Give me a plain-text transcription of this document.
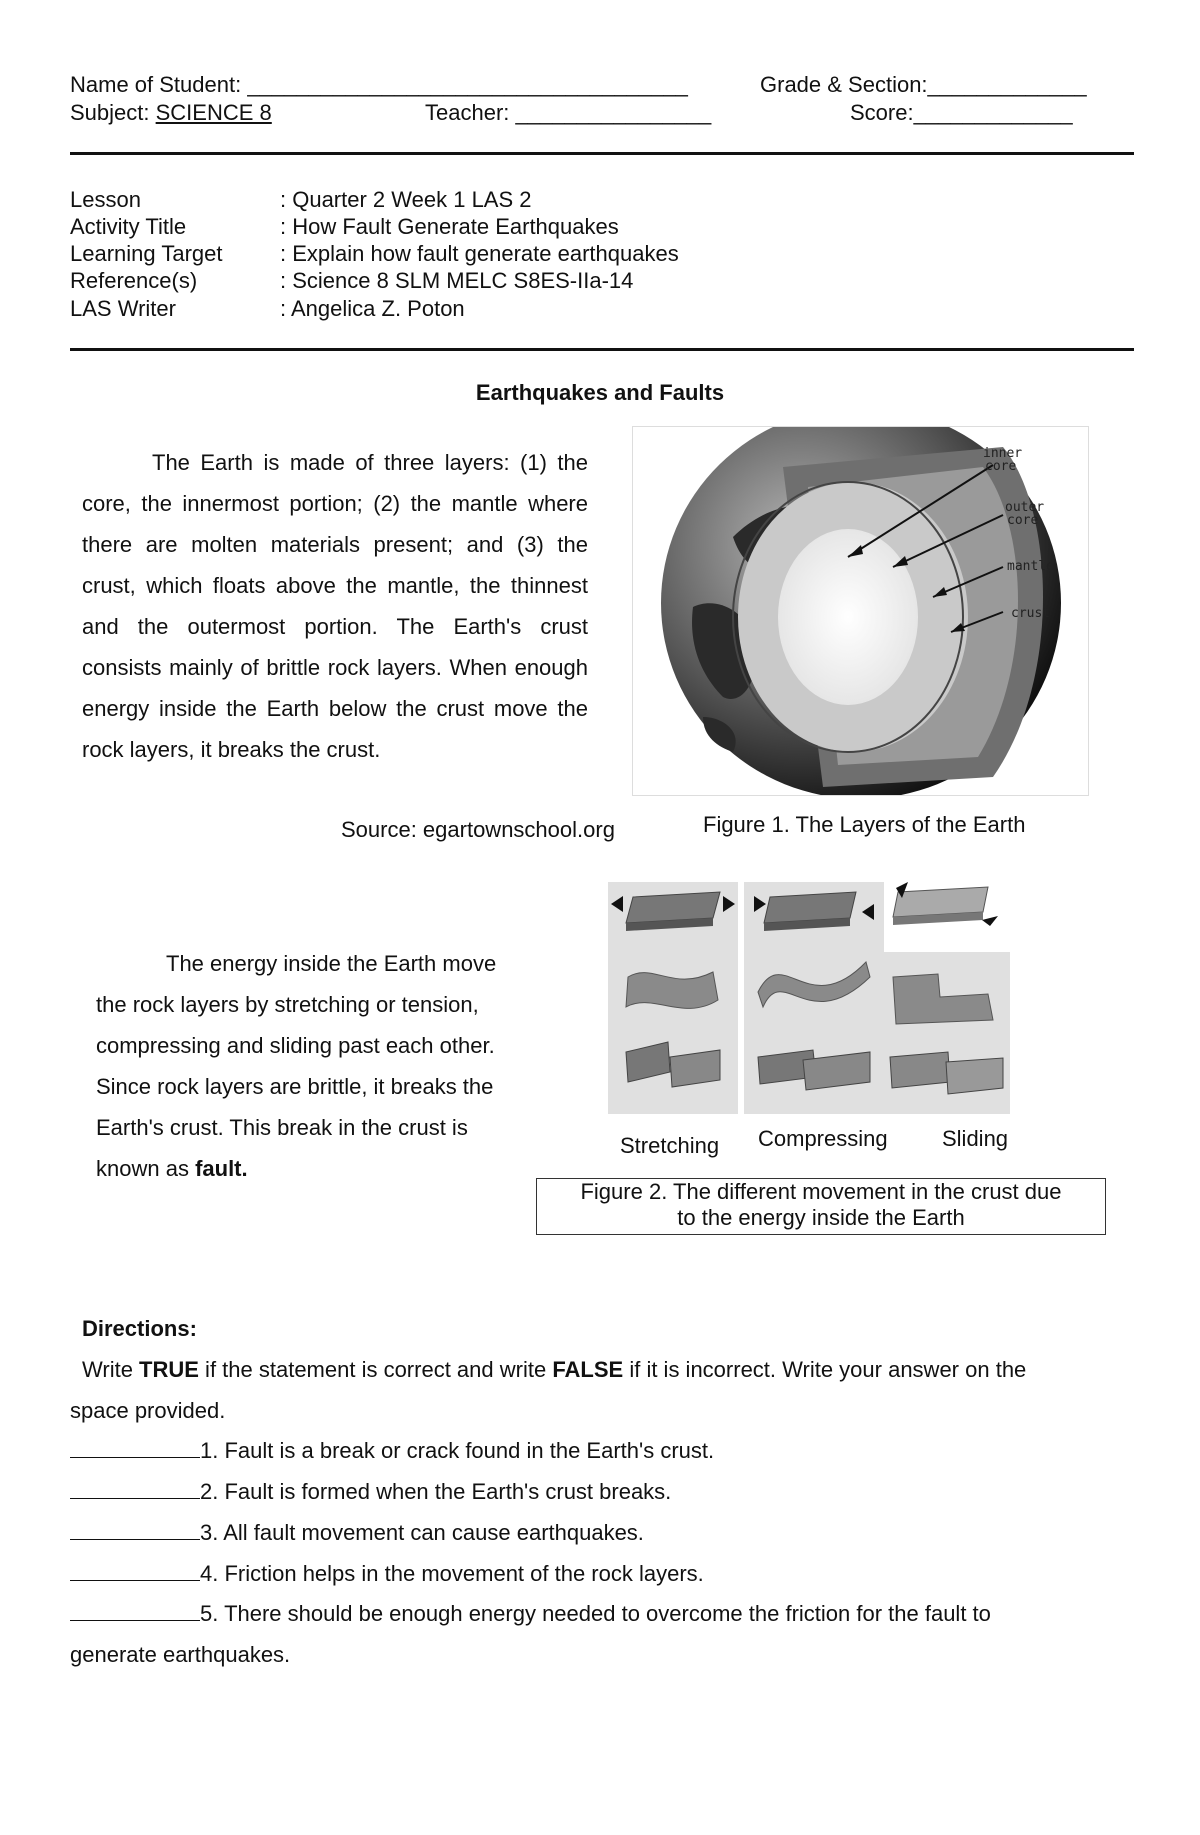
Name of Student: ____________________________________	Grade & Section:_____________
Subject: SCIENCE 8	Teacher: ________________	Score:_____________
Lesson	: Quarter 2 Week 1 LAS 2
Activity Title	: How Fault Generate Earthquakes
Learning Target	: Explain how fault generate earthquakes
Reference(s)	: Science 8 SLM MELC S8ES-IIa-14
LAS Writer	: Angelica Z. Poton
Earthquakes and Faults
The Earth is made of three layers: (1) the core, the innermost portion; (2) the mantle where there are molten materials present; and (3) the crust, which floats above the mantle, the thinnest and the outermost portion. The Earth's crust consists mainly of brittle rock layers. When enough energy inside the Earth below the crust move the rock layers, it breaks the crust.
inner
core
outer
core
mantle
crust
Source: egartownschool.org	Figure 1. The Layers of the Earth
The energy inside the Earth move the rock layers by stretching or tension, compressing and sliding past each other. Since rock layers are brittle, it breaks the Earth's crust. This break in the crust is known as fault.
Stretching Compressing Sliding
Figure 2. The different movement in the crust due
to the energy inside the Earth
Directions:
Write TRUE if the statement is correct and write FALSE if it is incorrect. Write your answer on the
space provided.
1. Fault is a break or crack found in the Earth's crust.
2. Fault is formed when the Earth's crust breaks.
3. All fault movement can cause earthquakes.
4. Friction helps in the movement of the rock layers.
5. There should be enough energy needed to overcome the friction for the fault to
generate earthquakes.
